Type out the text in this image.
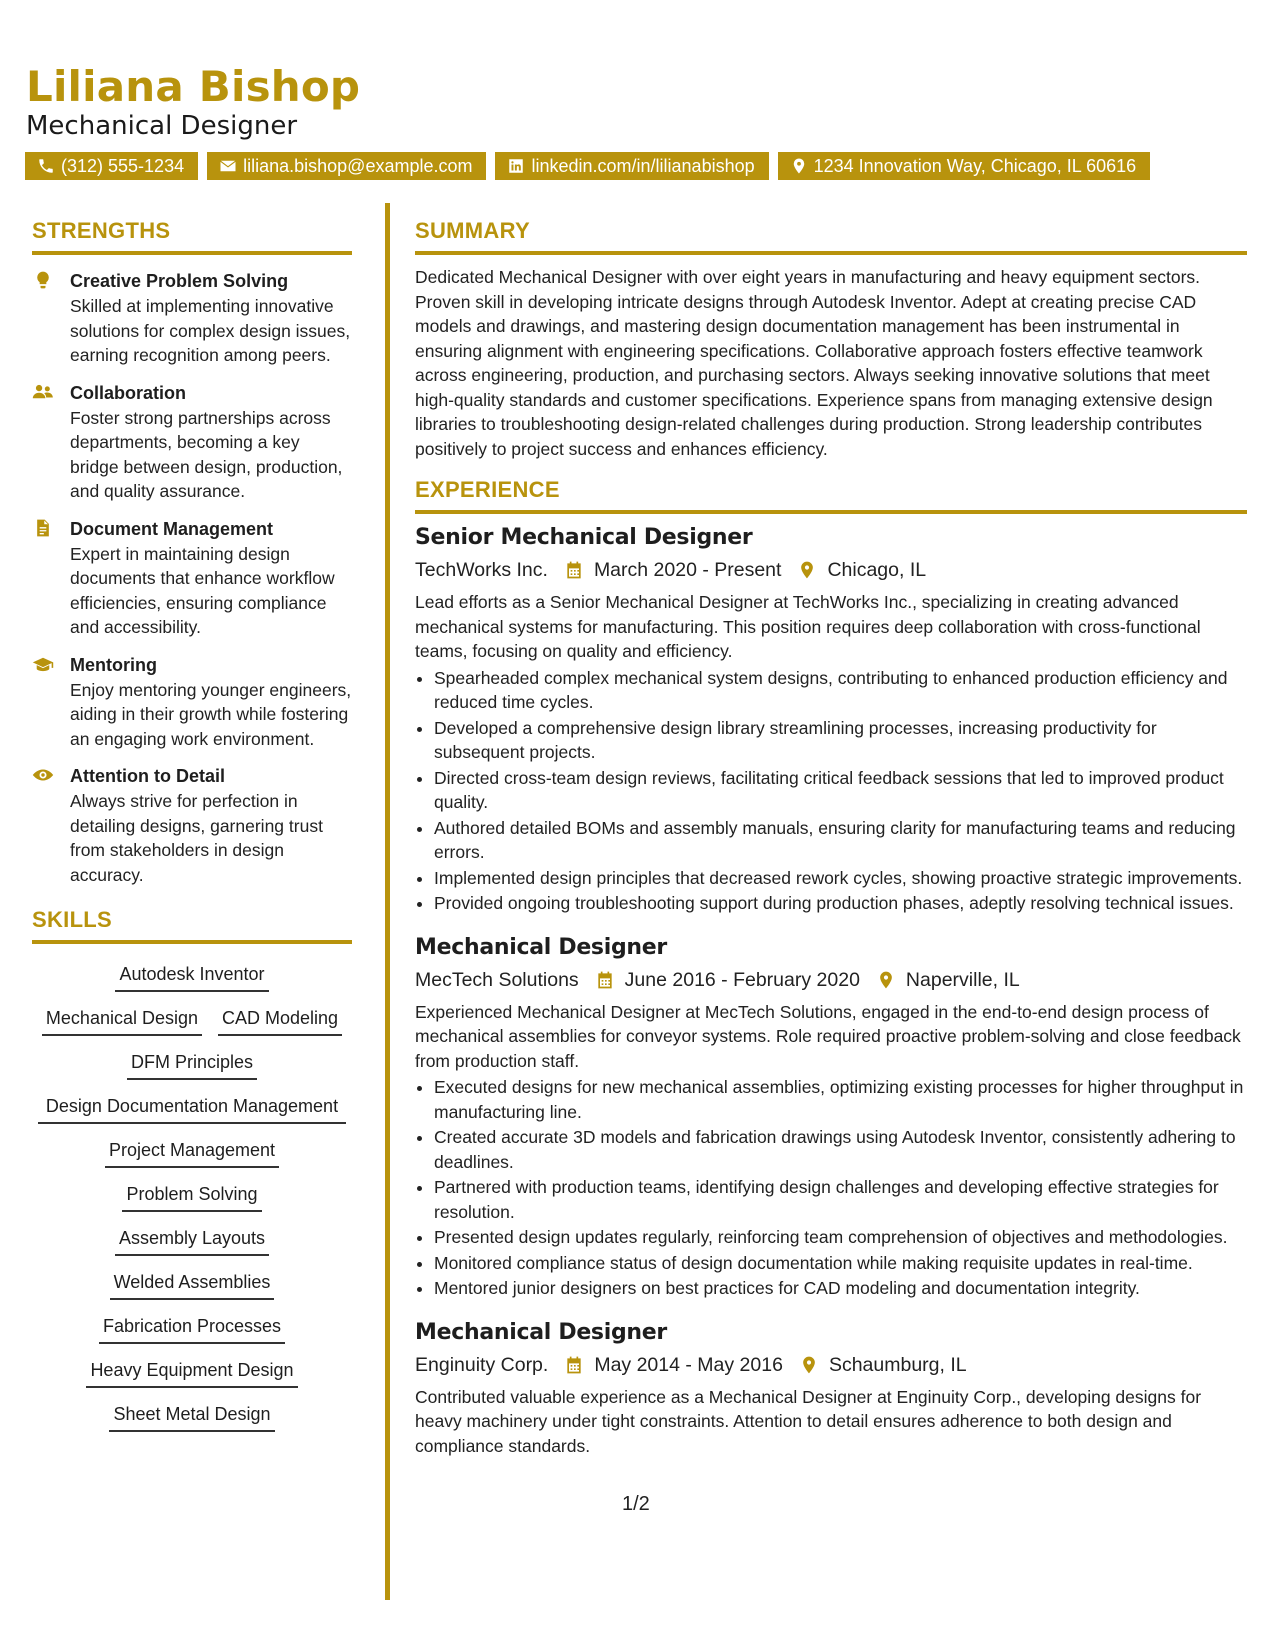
Liliana Bishop
Mechanical Designer
(312) 555-1234	liliana.bishop@example.com	linkedin.com/in/lilianabishop	1234 Innovation Way, Chicago, IL 60616
STRENGTHS
Creative Problem Solving
Skilled at implementing innovative solutions for complex design issues, earning recognition among peers.
Collaboration
Foster strong partnerships across departments, becoming a key bridge between design, production, and quality assurance.
Document Management
Expert in maintaining design documents that enhance workflow efficiencies, ensuring compliance and accessibility.
Mentoring
Enjoy mentoring younger engineers, aiding in their growth while fostering an engaging work environment.
Attention to Detail
Always strive for perfection in detailing designs, garnering trust from stakeholders in design accuracy.
SKILLS
Autodesk Inventor
Mechanical Design CAD Modeling
DFM Principles
Design Documentation Management
Project Management
Problem Solving
Assembly Layouts
Welded Assemblies
Fabrication Processes
Heavy Equipment Design
Sheet Metal Design
SUMMARY
Dedicated Mechanical Designer with over eight years in manufacturing and heavy equipment sectors. Proven skill in developing intricate designs through Autodesk Inventor. Adept at creating precise CAD models and drawings, and mastering design documentation management has been instrumental in ensuring alignment with engineering specifications. Collaborative approach fosters effective teamwork across engineering, production, and purchasing sectors. Always seeking innovative solutions that meet high-quality standards and customer specifications. Experience spans from managing extensive design libraries to troubleshooting design-related challenges during production. Strong leadership contributes positively to project success and enhances efficiency.
EXPERIENCE
Senior Mechanical Designer
TechWorks Inc. March 2020 - Present Chicago, IL
Lead efforts as a Senior Mechanical Designer at TechWorks Inc., specializing in creating advanced mechanical systems for manufacturing. This position requires deep collaboration with cross-functional teams, focusing on quality and efficiency.
• Spearheaded complex mechanical system designs, contributing to enhanced production efficiency and reduced time cycles.
• Developed a comprehensive design library streamlining processes, increasing productivity for subsequent projects.
• Directed cross-team design reviews, facilitating critical feedback sessions that led to improved product quality.
• Authored detailed BOMs and assembly manuals, ensuring clarity for manufacturing teams and reducing errors.
• Implemented design principles that decreased rework cycles, showing proactive strategic improvements.
• Provided ongoing troubleshooting support during production phases, adeptly resolving technical issues.
Mechanical Designer
MecTech Solutions June 2016 - February 2020 Naperville, IL
Experienced Mechanical Designer at MecTech Solutions, engaged in the end-to-end design process of mechanical assemblies for conveyor systems. Role required proactive problem-solving and close feedback from production staff.
• Executed designs for new mechanical assemblies, optimizing existing processes for higher throughput in manufacturing line.
• Created accurate 3D models and fabrication drawings using Autodesk Inventor, consistently adhering to deadlines.
• Partnered with production teams, identifying design challenges and developing effective strategies for resolution.
• Presented design updates regularly, reinforcing team comprehension of objectives and methodologies.
• Monitored compliance status of design documentation while making requisite updates in real-time.
• Mentored junior designers on best practices for CAD modeling and documentation integrity.
Mechanical Designer
Enginuity Corp. May 2014 - May 2016 Schaumburg, IL
Contributed valuable experience as a Mechanical Designer at Enginuity Corp., developing designs for heavy machinery under tight constraints. Attention to detail ensures adherence to both design and compliance standards.
1/2
